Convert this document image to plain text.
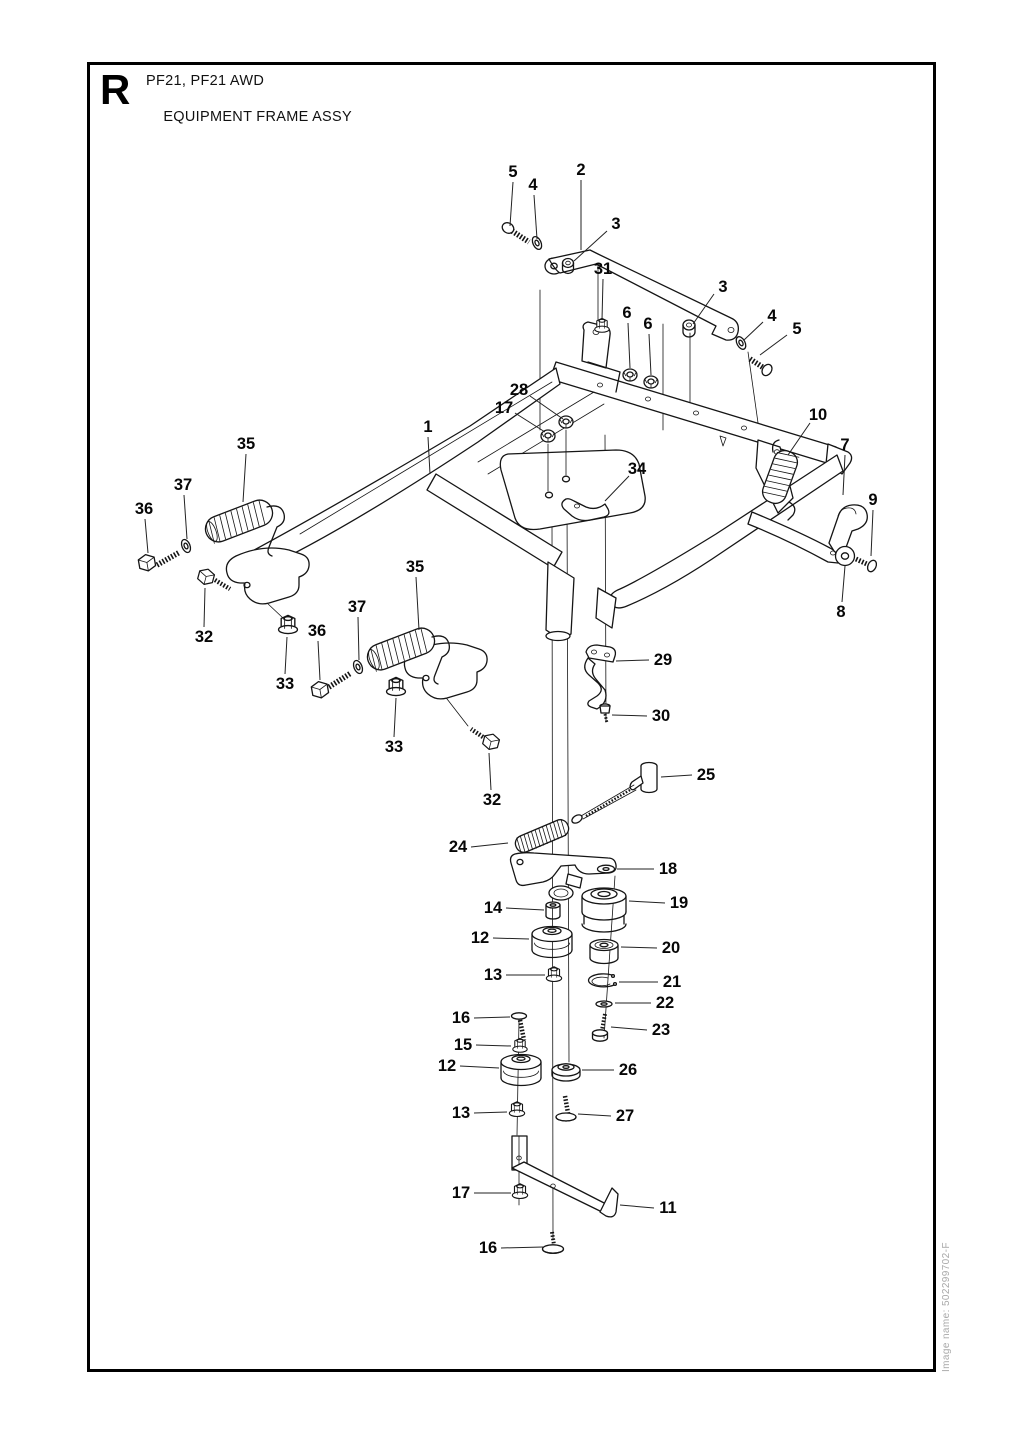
R PF21, PF21 AWD

EQUIPMENT FRAME ASSY
Image name: 502299702-F
5
4
2
3
31
6
6
3
4
5
28
17
1
35
37
36
10
7
34
9
8
35
37
36
32
33
33
32
29
30
25
24
18
14	19
12
20
13	21
22
16
23
15
12	26
13	27
17
11
16
